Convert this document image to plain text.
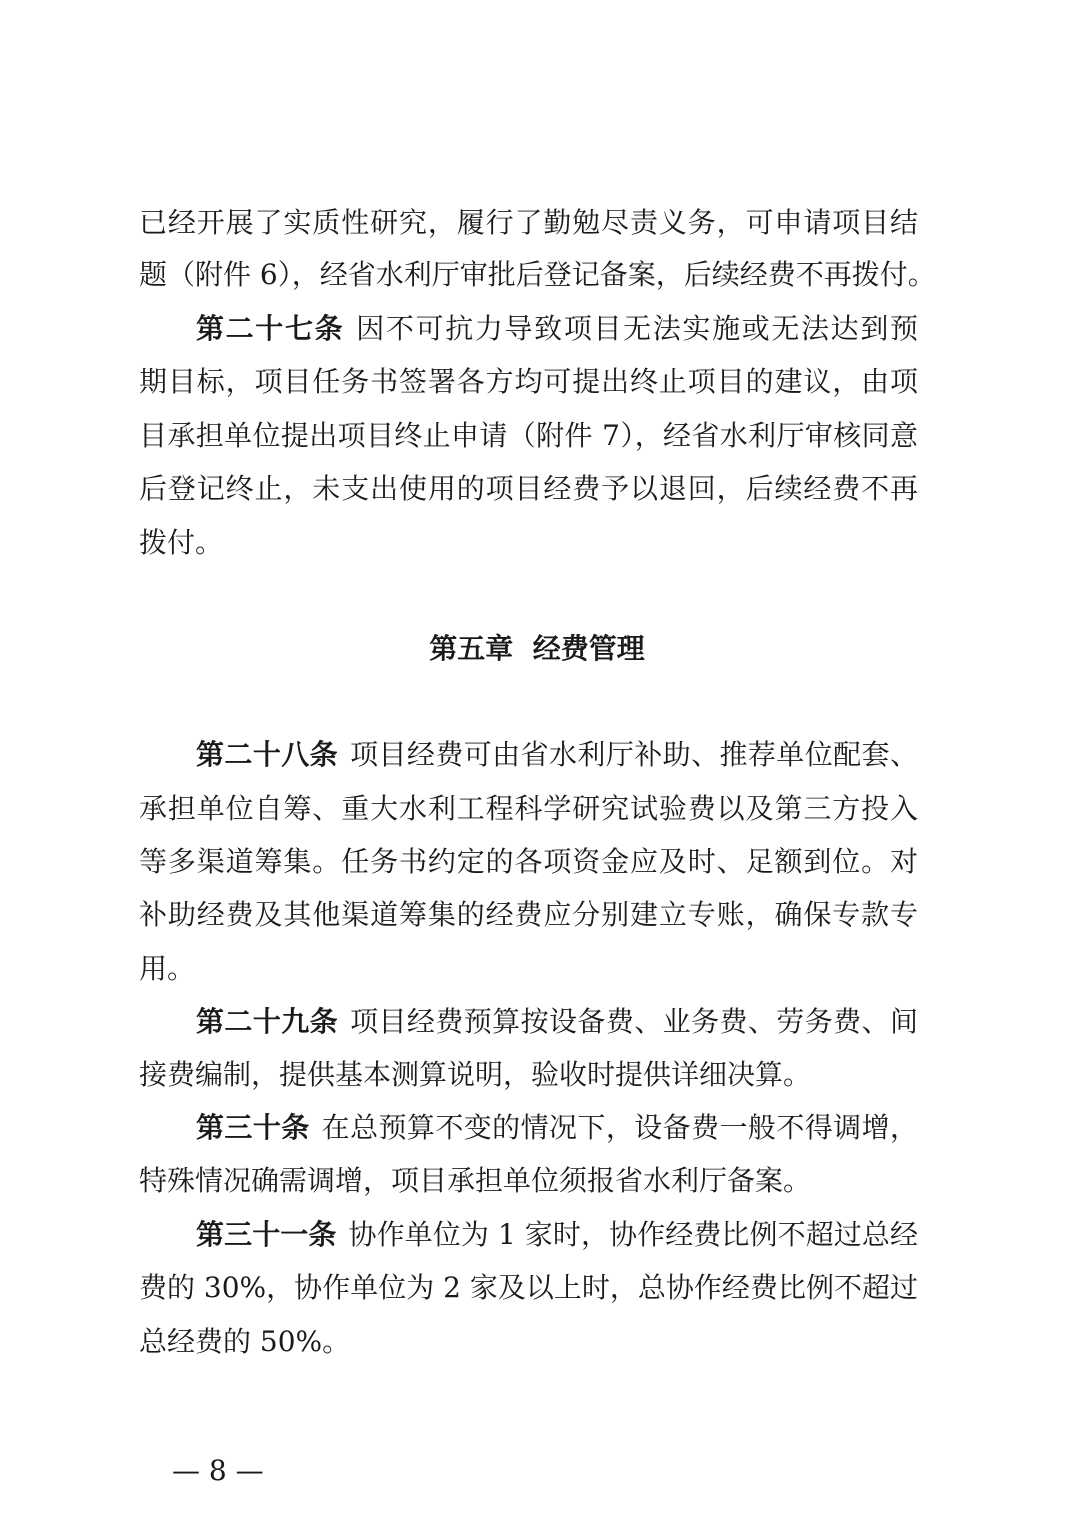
已经开展了实质性研究，履行了勤勉尽责义务，可申请项目结
题（附件 6），经省水利厅审批后登记备案，后续经费不再拨付。
第二十七条 因不可抗力导致项目无法实施或无法达到预
期目标，项目任务书签署各方均可提出终止项目的建议，由项
目承担单位提出项目终止申请（附件 7），经省水利厅审核同意
后登记终止，未支出使用的项目经费予以退回，后续经费不再
拨付。
第五章  经费管理
第二十八条 项目经费可由省水利厅补助、推荐单位配套、
承担单位自筹、重大水利工程科学研究试验费以及第三方投入
等多渠道筹集。任务书约定的各项资金应及时、足额到位。对
补助经费及其他渠道筹集的经费应分别建立专账，确保专款专
用。
第二十九条 项目经费预算按设备费、业务费、劳务费、间
接费编制，提供基本测算说明，验收时提供详细决算。
第三十条 在总预算不变的情况下，设备费一般不得调增，
特殊情况确需调增，项目承担单位须报省水利厅备案。
第三十一条 协作单位为 1 家时，协作经费比例不超过总经
费的 30%，协作单位为 2 家及以上时，总协作经费比例不超过
总经费的 50%。
— 8 —
